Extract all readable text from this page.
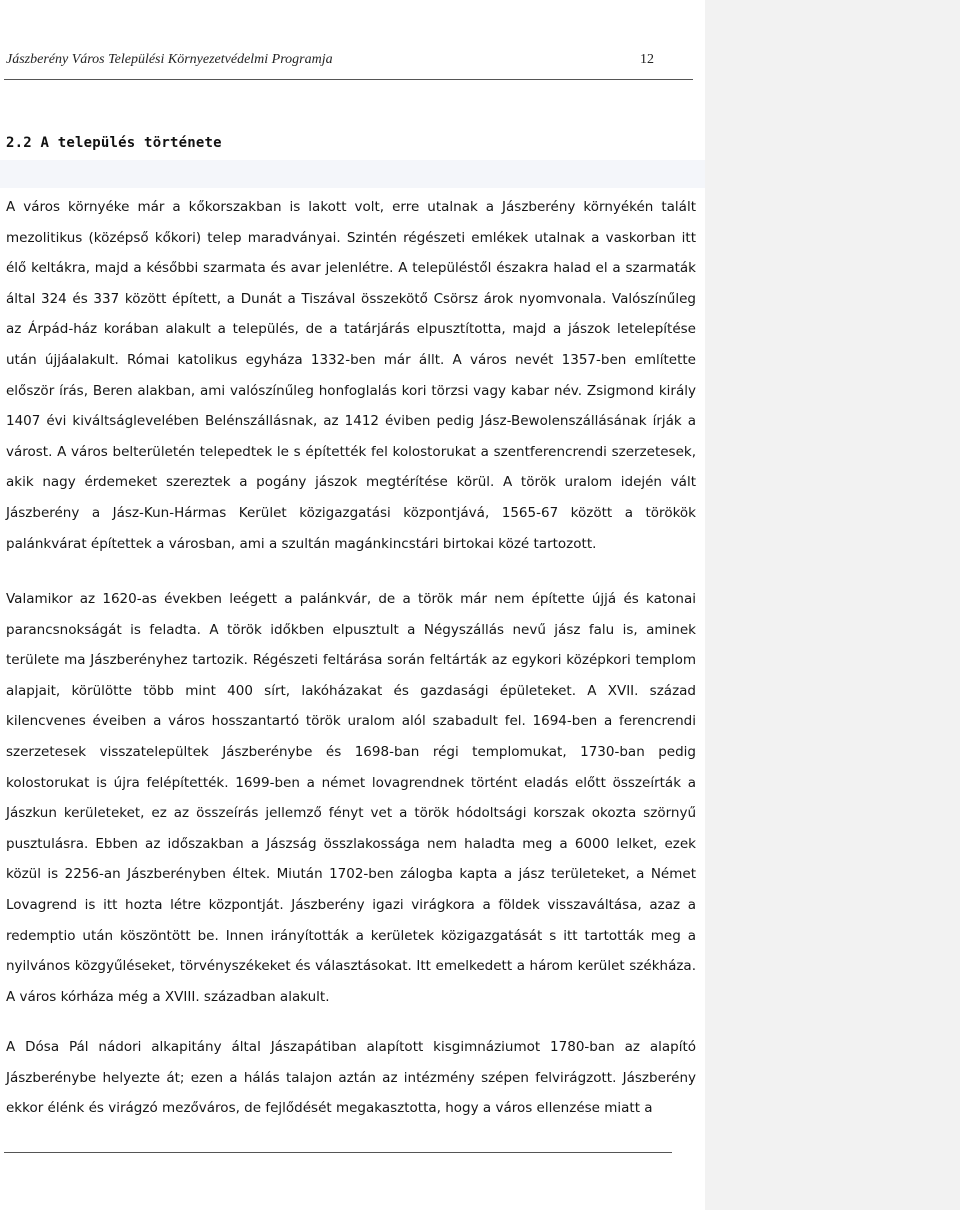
Jászberény Város Települési Környezetvédelmi Programja	12
2.2 A település története

A város környéke már a kőkorszakban is lakott volt, erre utalnak a Jászberény környékén talált mezolitikus (középső kőkori) telep maradványai. Szintén régészeti emlékek utalnak a vaskorban itt élő keltákra, majd a későbbi szarmata és avar jelenlétre. A településtől északra halad el a szarmaták által 324 és 337 között épített, a Dunát a Tiszával összekötő Csörsz árok nyomvonala. Valószínűleg az Árpád-ház korában alakult a település, de a tatárjárás elpusztította, majd a jászok letelepítése után újjáalakult. Római katolikus egyháza 1332-ben már állt. A város nevét 1357-ben említette először írás, Beren alakban, ami valószínűleg honfoglalás kori törzsi vagy kabar név. Zsigmond király 1407 évi kiváltságlevelében Belénszállásnak, az 1412 éviben pedig Jász-Bewolenszállásának írják a várost. A város belterületén telepedtek le s építették fel kolostorukat a szentferencrendi szerzetesek, akik nagy érdemeket szereztek a pogány jászok megtérítése körül. A török uralom idején vált Jászberény a Jász-Kun-Hármas Kerület közigazgatási központjává, 1565-67 között a törökök palánkvárat építettek a városban, ami a szultán magánkincstári birtokai közé tartozott.

Valamikor az 1620-as években leégett a palánkvár, de a török már nem építette újjá és katonai parancsnokságát is feladta. A török időkben elpusztult a Négyszállás nevű jász falu is, aminek területe ma Jászberényhez tartozik. Régészeti feltárása során feltárták az egykori középkori templom alapjait, körülötte több mint 400 sírt, lakóházakat és gazdasági épületeket. A XVII. század kilencvenes éveiben a város hosszantartó török uralom alól szabadult fel. 1694-ben a ferencrendi szerzetesek visszatelepültek Jászberénybe és 1698-ban régi templomukat, 1730-ban pedig kolostorukat is újra felépítették. 1699-ben a német lovagrendnek történt eladás előtt összeírták a Jászkun kerületeket, ez az összeírás jellemző fényt vet a török hódoltsági korszak okozta szörnyű pusztulásra. Ebben az időszakban a Jászság összlakossága nem haladta meg a 6000 lelket, ezek közül is 2256-an Jászberényben éltek. Miután 1702-ben zálogba kapta a jász területeket, a Német Lovagrend is itt hozta létre központját. Jászberény igazi virágkora a földek visszaváltása, azaz a redemptio után köszöntött be. Innen irányították a kerületek közigazgatását s itt tartották meg a nyilvános közgyűléseket, törvényszékeket és választásokat. Itt emelkedett a három kerület székháza. A város kórháza még a XVIII. században alakult.

A Dósa Pál nádori alkapitány által Jászapátiban alapított kisgimnáziumot 1780-ban az alapító Jászberénybe helyezte át; ezen a hálás talajon aztán az intézmény szépen felvirágzott. Jászberény ekkor élénk és virágzó mezőváros, de fejlődését megakasztotta, hogy a város ellenzése miatt a
